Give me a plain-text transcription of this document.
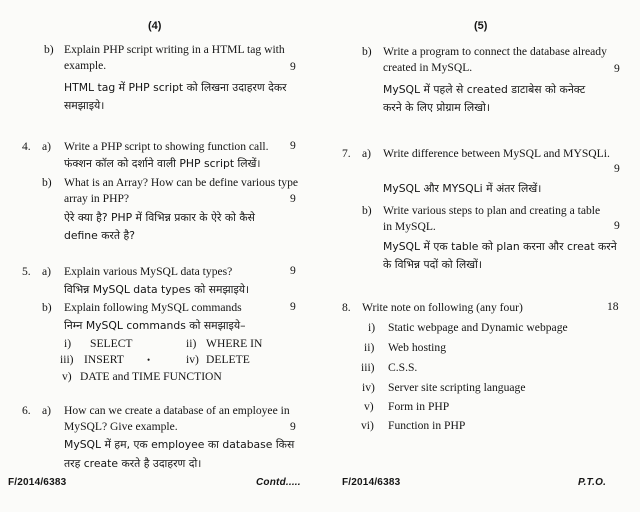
(4)
b) Explain PHP script writing in a HTML tag with
example.	9
HTML tag में PHP script को लिखना उदाहरण देकर
समझाइये।
4. a) Write a PHP script to showing function call. 9
फंक्शन कॉल को दर्शाने वाली PHP script लिखें।
b) What is an Array? How can be define various type
array in PHP?	9
ऐरे क्या है? PHP में विभिन्न प्रकार के ऐरे को कैसे
define करते है?
5. a) Explain various MySQL data types?	9
विभिन्न MySQL data types को समझाइये।
b) Explain following MySQL commands	9
निम्न MySQL commands को समझाइये–
i) SELECT	ii) WHERE IN
iii) INSERT	•	iv) DELETE
v) DATE and TIME FUNCTION
6. a) How can we create a database of an employee in
MySQL? Give example.	9
MySQL में हम, एक employee का database किस
तरह create करते है उदाहरण दो।
F/2014/6383	Contd.....
(5)
b) Write a program to connect the database already
created in MySQL.	9
MySQL में पहले से created डाटाबेस को कनेक्ट
करने के लिए प्रोग्राम लिखो।
7. a) Write difference between MySQL and MYSQLi.
9
MySQL और MYSQLi में अंतर लिखें।
b) Write various steps to plan and creating a table
in MySQL.	9
MySQL में एक table को plan करना और creat करने
के विभिन्न पदों को लिखों।
8. Write note on following (any four)	18
i) Static webpage and Dynamic webpage
ii) Web hosting
iii) C.S.S.
iv) Server site scripting language
v) Form in PHP
vi) Function in PHP
F/2014/6383	P.T.O.
